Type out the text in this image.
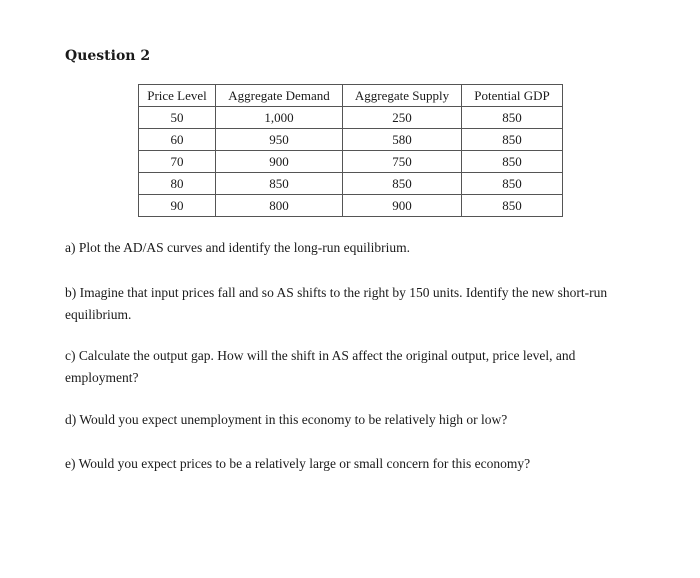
Question 2
Price Level	Aggregate Demand	Aggregate Supply	Potential GDP
50	1,000	250	850
60	950	580	850
70	900	750	850
80	850	850	850
90	800	900	850

a) Plot the AD/AS curves and identify the long-run equilibrium.

b) Imagine that input prices fall and so AS shifts to the right by 150 units. Identify the new short-run equilibrium.

c) Calculate the output gap. How will the shift in AS affect the original output, price level, and employment?

d) Would you expect unemployment in this economy to be relatively high or low?

e) Would you expect prices to be a relatively large or small concern for this economy?
